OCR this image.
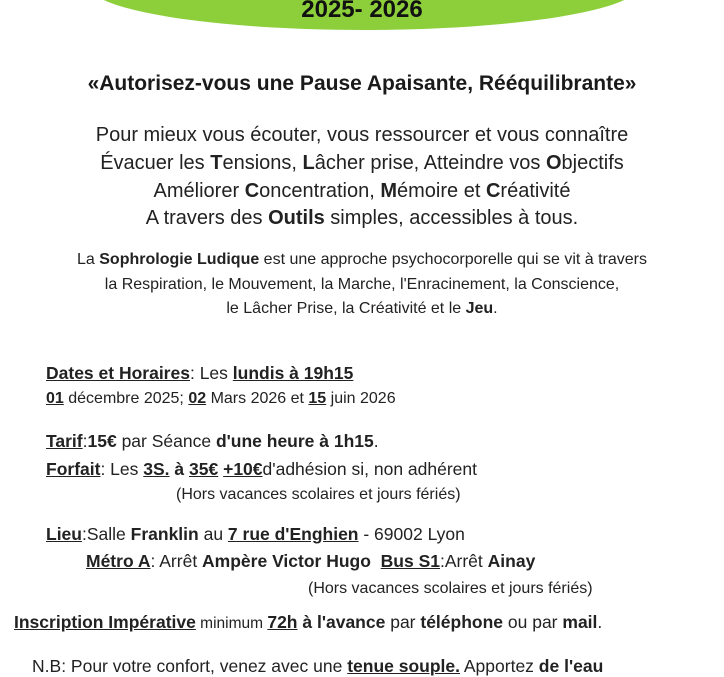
2025- 2026
«Autorisez-vous une Pause Apaisante, Rééquilibrante»
Pour mieux vous écouter, vous ressourcer et vous connaître
Évacuer les Tensions, Lâcher prise, Atteindre vos Objectifs
Améliorer Concentration, Mémoire et Créativité
A travers des Outils simples, accessibles à tous.
La Sophrologie Ludique est une approche psychocorporelle qui se vit à travers
la Respiration, le Mouvement, la Marche, l'Enracinement, la Conscience,
le Lâcher Prise, la Créativité et le Jeu.
Dates et Horaires: Les lundis à 19h15
01 décembre 2025; 02 Mars 2026 et 15 juin 2026
Tarif:15€ par Séance d'une heure à 1h15.
Forfait: Les 3S. à 35€ +10€d'adhésion si, non adhérent
(Hors vacances scolaires et jours fériés)
Lieu:Salle Franklin au 7 rue d'Enghien - 69002 Lyon
Métro A: Arrêt Ampère Victor Hugo Bus S1:Arrêt Ainay
(Hors vacances scolaires et jours fériés)
Inscription Impérative minimum 72h à l'avance par téléphone ou par mail.
N.B: Pour votre confort, venez avec une tenue souple. Apportez de l'eau
